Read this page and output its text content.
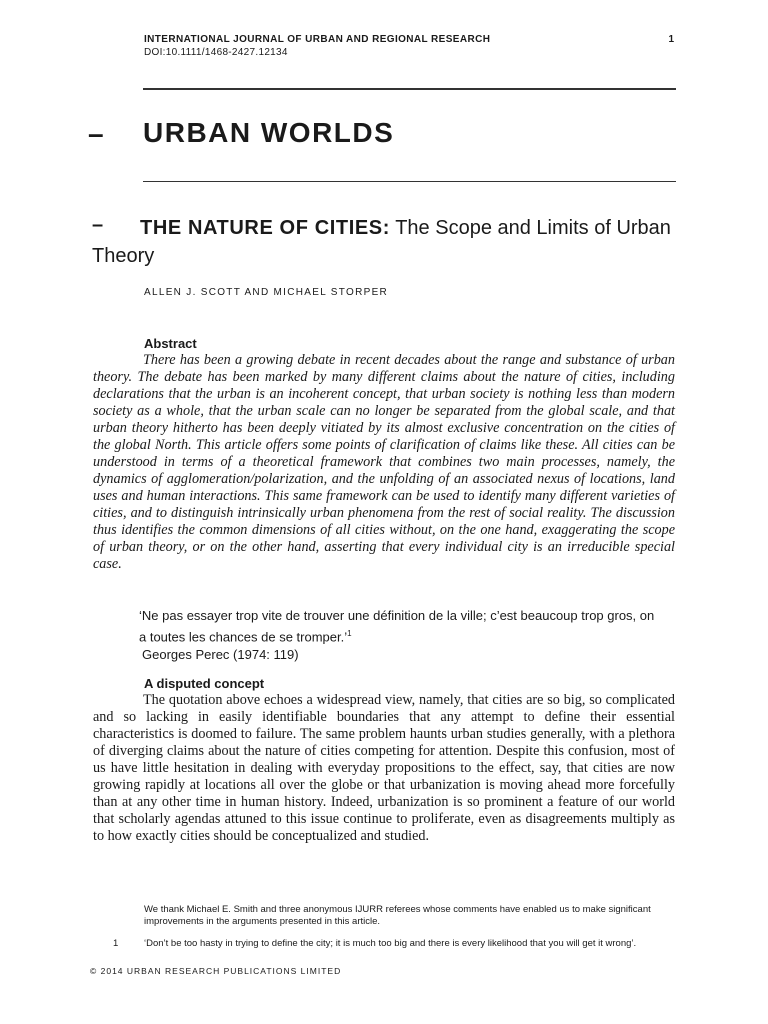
INTERNATIONAL JOURNAL OF URBAN AND REGIONAL RESEARCH
DOI:10.1111/1468-2427.12134
1
– URBAN WORLDS
–	THE NATURE OF CITIES: The Scope and Limits of Urban Theory
ALLEN J. SCOTT AND MICHAEL STORPER
Abstract

There has been a growing debate in recent decades about the range and substance of urban theory. The debate has been marked by many different claims about the nature of cities, including declarations that the urban is an incoherent concept, that urban society is nothing less than modern society as a whole, that the urban scale can no longer be separated from the global scale, and that urban theory hitherto has been deeply vitiated by its almost exclusive concentration on the cities of the global North. This article offers some points of clarification of claims like these. All cities can be understood in terms of a theoretical framework that combines two main processes, namely, the dynamics of agglomeration/polarization, and the unfolding of an associated nexus of locations, land uses and human interactions. This same framework can be used to identify many different varieties of cities, and to distinguish intrinsically urban phenomena from the rest of social reality. The discussion thus identifies the common dimensions of all cities without, on the one hand, exaggerating the scope of urban theory, or on the other hand, asserting that every individual city is an irreducible special case.

‘Ne pas essayer trop vite de trouver une définition de la ville; c’est beaucoup trop gros, on a toutes les chances de se tromper.’$^1$
Georges Perec (1974: 119)
A disputed concept

The quotation above echoes a widespread view, namely, that cities are so big, so complicated and so lacking in easily identifiable boundaries that any attempt to define their essential characteristics is doomed to failure. The same problem haunts urban studies generally, with a plethora of diverging claims about the nature of cities competing for attention. Despite this confusion, most of us have little hesitation in dealing with everyday propositions to the effect, say, that cities are now growing rapidly at locations all over the globe or that urbanization is moving ahead more forcefully than at any other time in human history. Indeed, urbanization is so prominent a feature of our world that scholarly agendas attuned to this issue continue to proliferate, even as disagreements multiply as to how exactly cities should be conceptualized and studied.

We thank Michael E. Smith and three anonymous IJURR referees whose comments have enabled us to make significant improvements in the arguments presented in this article.
1	‘Don’t be too hasty in trying to define the city; it is much too big and there is every likelihood that you will get it wrong’.
© 2014 URBAN RESEARCH PUBLICATIONS LIMITED
